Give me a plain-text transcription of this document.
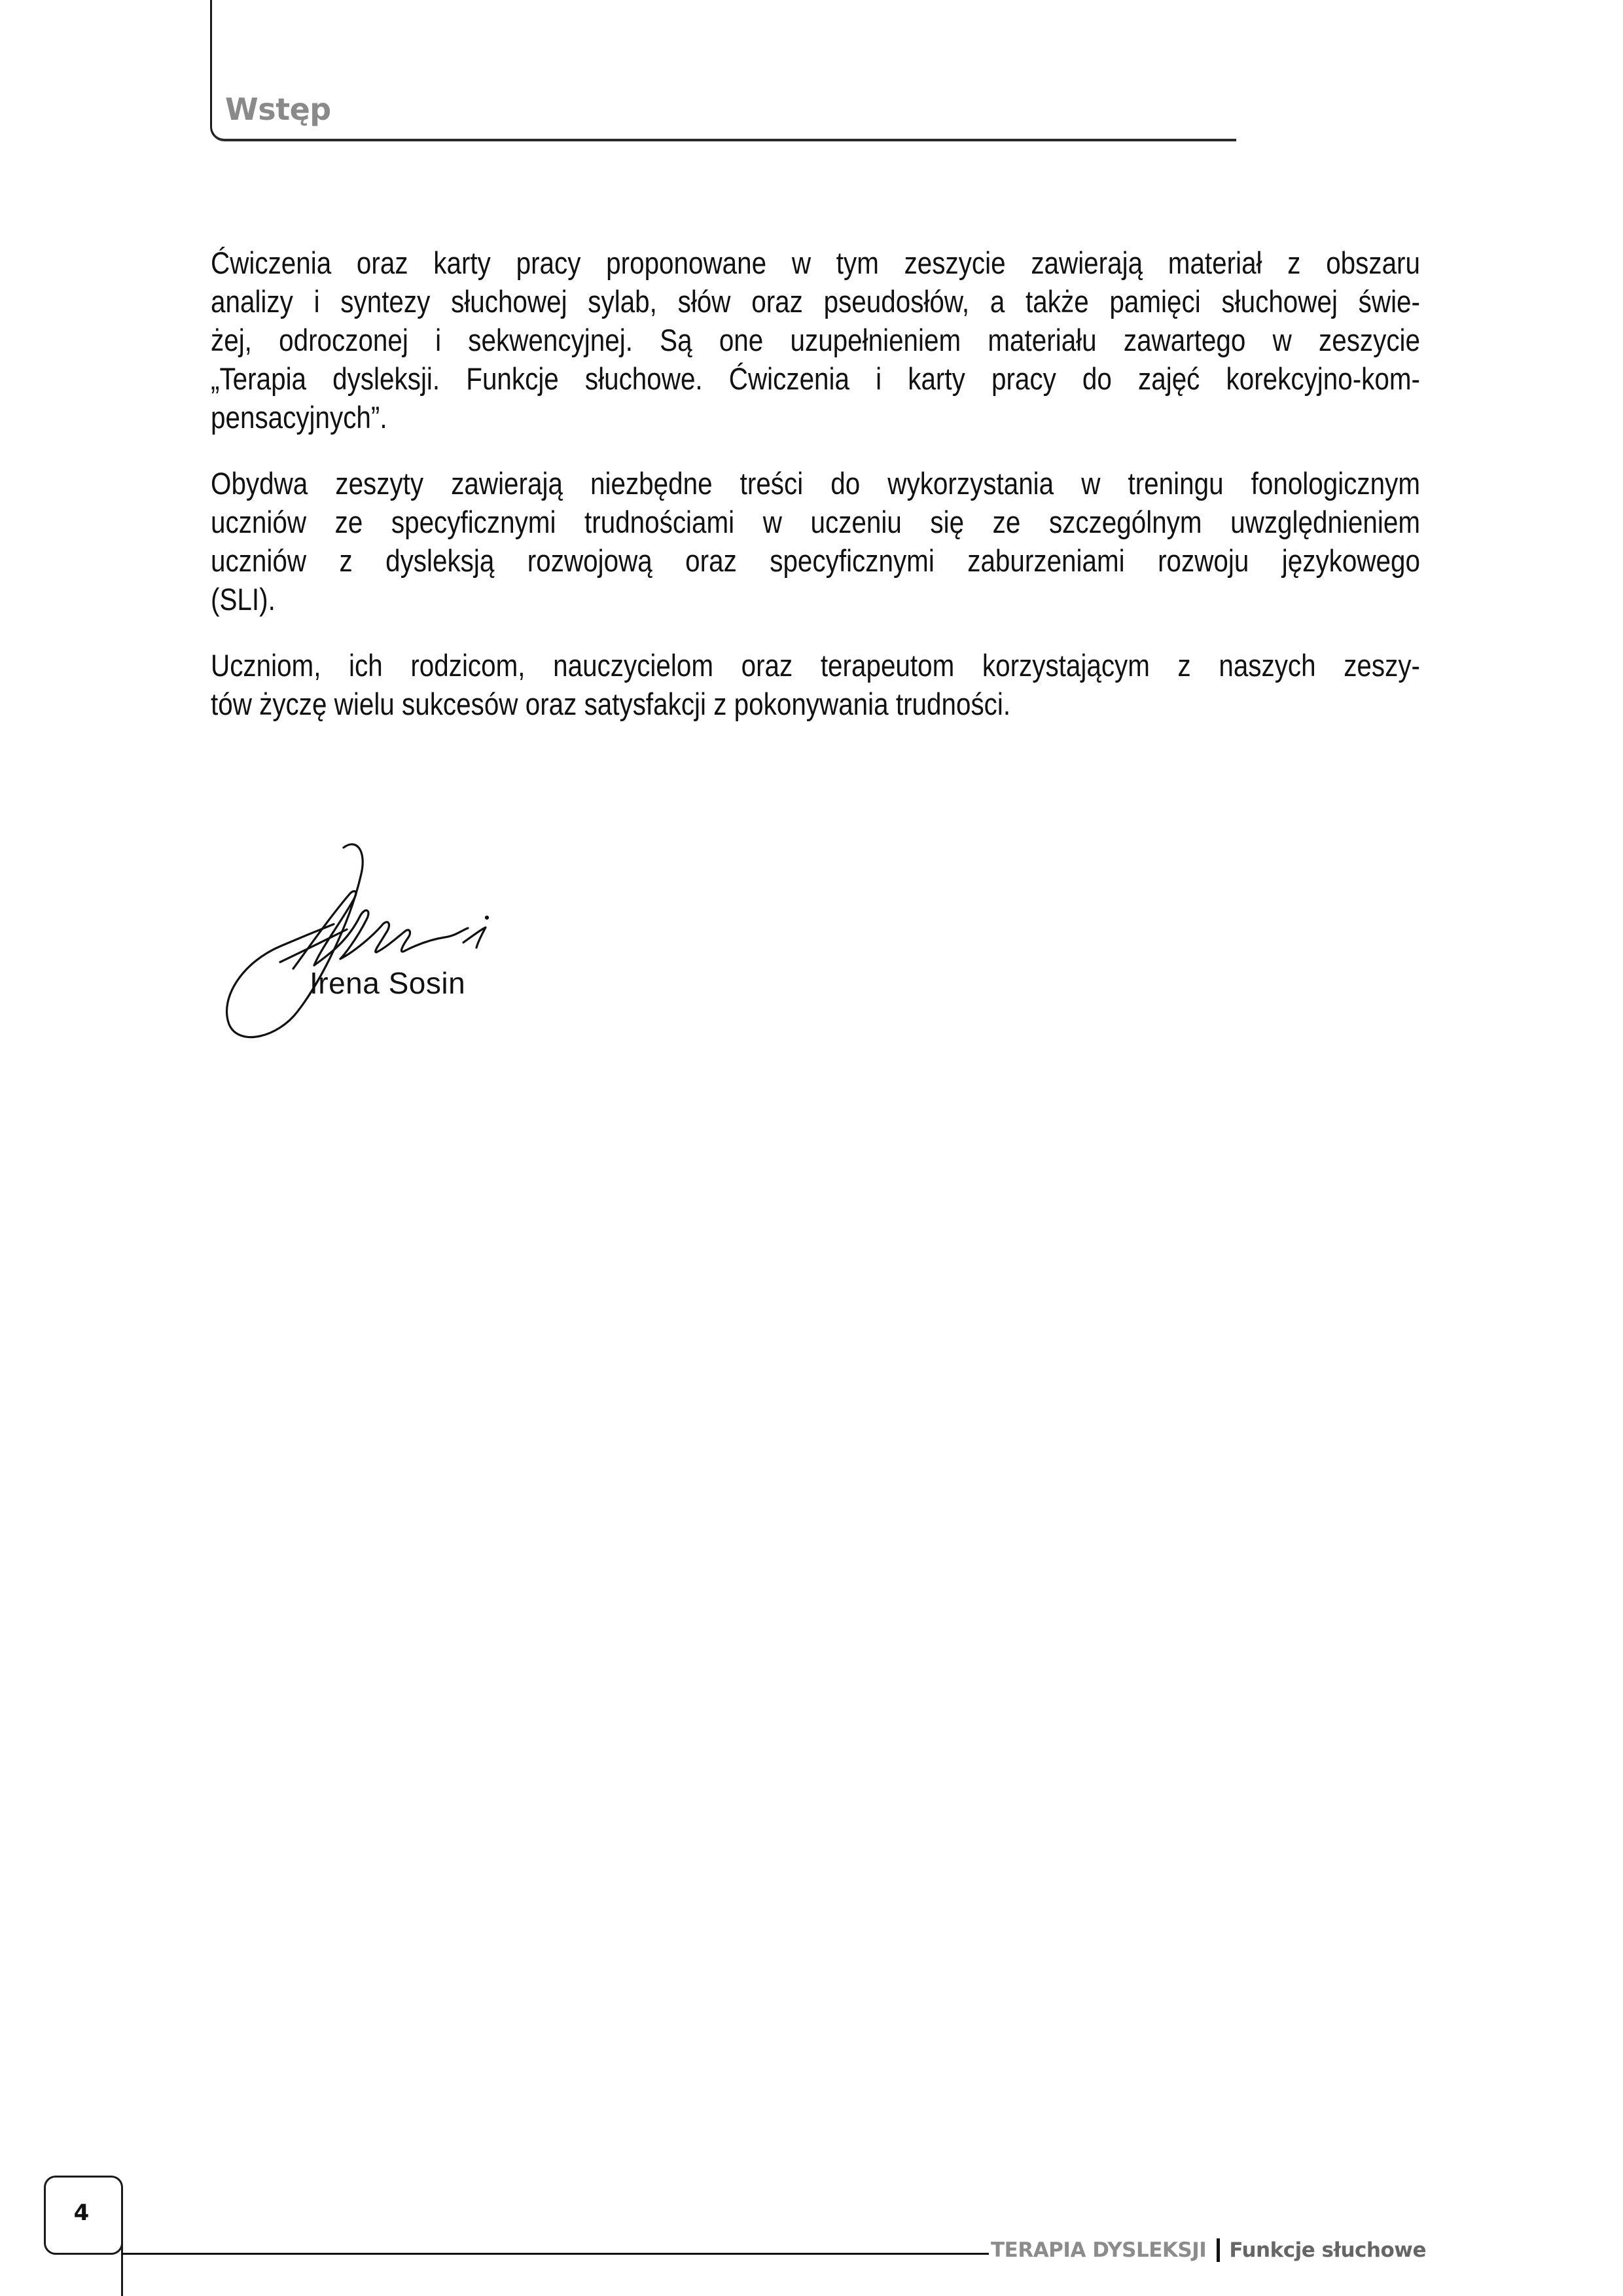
Wstęp

Ćwiczenia oraz karty pracy proponowane w tym zeszycie zawierają materiał z obszaru
analizy i syntezy słuchowej sylab, słów oraz pseudosłów, a także pamięci słuchowej świe-
żej, odroczonej i sekwencyjnej. Są one uzupełnieniem materiału zawartego w zeszycie
„Terapia dysleksji. Funkcje słuchowe. Ćwiczenia i karty pracy do zajęć korekcyjno-kom-
pensacyjnych”.

Obydwa zeszyty zawierają niezbędne treści do wykorzystania w treningu fonologicznym
uczniów ze specyficznymi trudnościami w uczeniu się ze szczególnym uwzględnieniem
uczniów z dysleksją rozwojową oraz specyficznymi zaburzeniami rozwoju językowego
(SLI).

Uczniom, ich rodzicom, nauczycielom oraz terapeutom korzystającym z naszych zeszy-
tów życzę wielu sukcesów oraz satysfakcji z pokonywania trudności.

Irena Sosin

4
TERAPIA DYSLEKSJI Funkcje słuchowe
